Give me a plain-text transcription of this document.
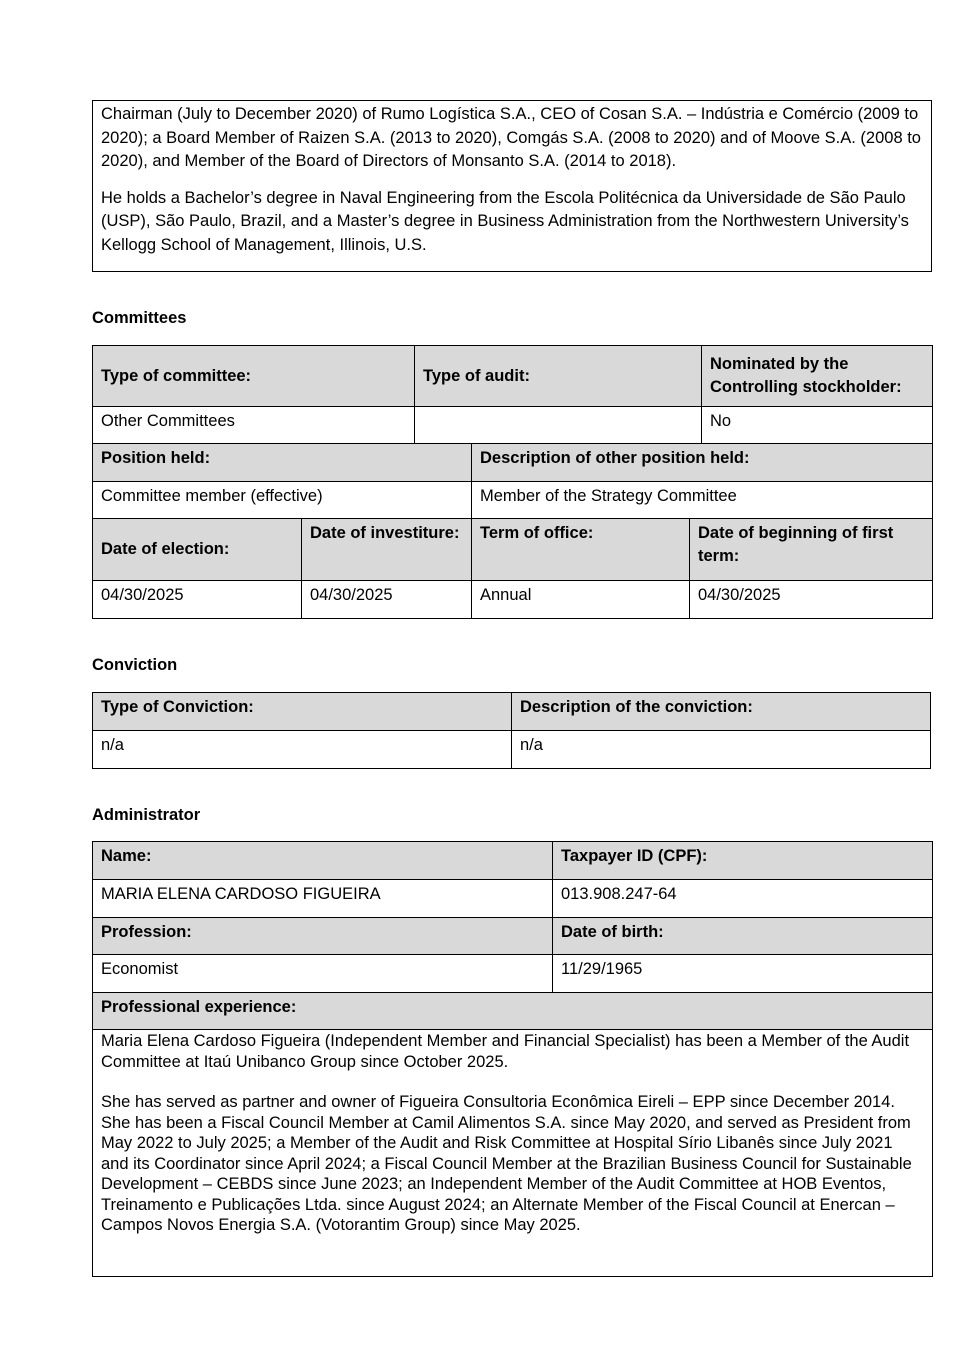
Chairman (July to December 2020) of Rumo Logística S.A., CEO of Cosan S.A. – Indústria e Comércio (2009 to 2020); a Board Member of Raizen S.A. (2013 to 2020), Comgás S.A. (2008 to 2020) and of Moove S.A. (2008 to 2020), and Member of the Board of Directors of Monsanto S.A. (2014 to 2018).

He holds a Bachelor’s degree in Naval Engineering from the Escola Politécnica da Universidade de São Paulo (USP), São Paulo, Brazil, and a Master’s degree in Business Administration from the Northwestern University’s Kellogg School of Management, Illinois, U.S.

Committees
Type of committee:	Type of audit:	Nominated by the Controlling stockholder:
Other Committees		No
Position held:	Description of other position held:
Committee member (effective)	Member of the Strategy Committee
Date of election:	Date of investiture:	Term of office:	Date of beginning of first term:
04/30/2025	04/30/2025	Annual	04/30/2025
Conviction
Type of Conviction:	Description of the conviction:
n/a	n/a
Administrator
Name:	Taxpayer ID (CPF):
MARIA ELENA CARDOSO FIGUEIRA	013.908.247-64
Profession:	Date of birth:
Economist	11/29/1965
Professional experience:	

Maria Elena Cardoso Figueira (Independent Member and Financial Specialist) has been a Member of the Audit Committee at Itaú Unibanco Group since October 2025.

She has served as partner and owner of Figueira Consultoria Econômica Eireli – EPP since December 2014. She has been a Fiscal Council Member at Camil Alimentos S.A. since May 2020, and served as President from May 2022 to July 2025; a Member of the Audit and Risk Committee at Hospital Sírio Libanês since July 2021 and its Coordinator since April 2024; a Fiscal Council Member at the Brazilian Business Council for Sustainable Development – CEBDS since June 2023; an Independent Member of the Audit Committee at HOB Eventos, Treinamento e Publicações Ltda. since August 2024; an Alternate Member of the Fiscal Council at Enercan – Campos Novos Energia S.A. (Votorantim Group) since May 2025.	
